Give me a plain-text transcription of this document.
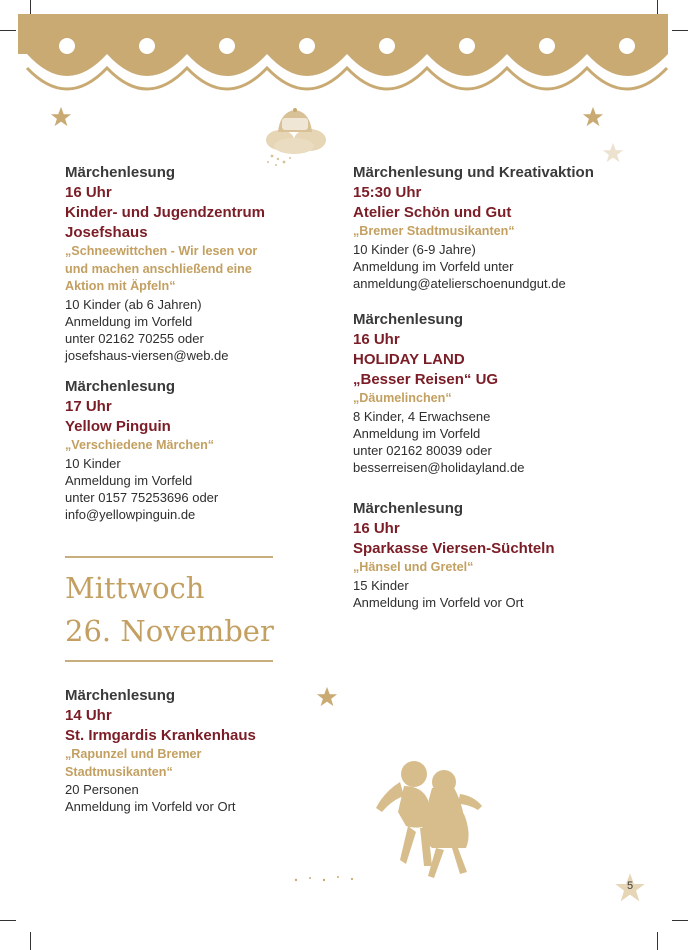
Märchenlesung
16 Uhr
Kinder- und Jugendzentrum
Josefshaus
„Schneewittchen - Wir lesen vor
und machen anschließend eine
Aktion mit Äpfeln“
10 Kinder (ab 6 Jahren)
Anmeldung im Vorfeld
unter 02162 70255 oder
josefshaus-viersen@web.de
Märchenlesung
17 Uhr
Yellow Pinguin
„Verschiedene Märchen“
10 Kinder
Anmeldung im Vorfeld
unter 0157 75253696 oder
info@yellowpinguin.de
Mittwoch
26. November
Märchenlesung
14 Uhr
St. Irmgardis Krankenhaus
„Rapunzel und Bremer
Stadtmusikanten“
20 Personen
Anmeldung im Vorfeld vor Ort
Märchenlesung und Kreativaktion
15:30 Uhr
Atelier Schön und Gut
„Bremer Stadtmusikanten“
10 Kinder (6-9 Jahre)
Anmeldung im Vorfeld unter
anmeldung@atelierschoenundgut.de
Märchenlesung
16 Uhr
HOLIDAY LAND
„Besser Reisen“ UG
„Däumelinchen“
8 Kinder, 4 Erwachsene
Anmeldung im Vorfeld
unter 02162 80039 oder
besserreisen@holidayland.de
Märchenlesung
16 Uhr
Sparkasse Viersen-Süchteln
„Hänsel und Gretel“
15 Kinder
Anmeldung im Vorfeld vor Ort
5
